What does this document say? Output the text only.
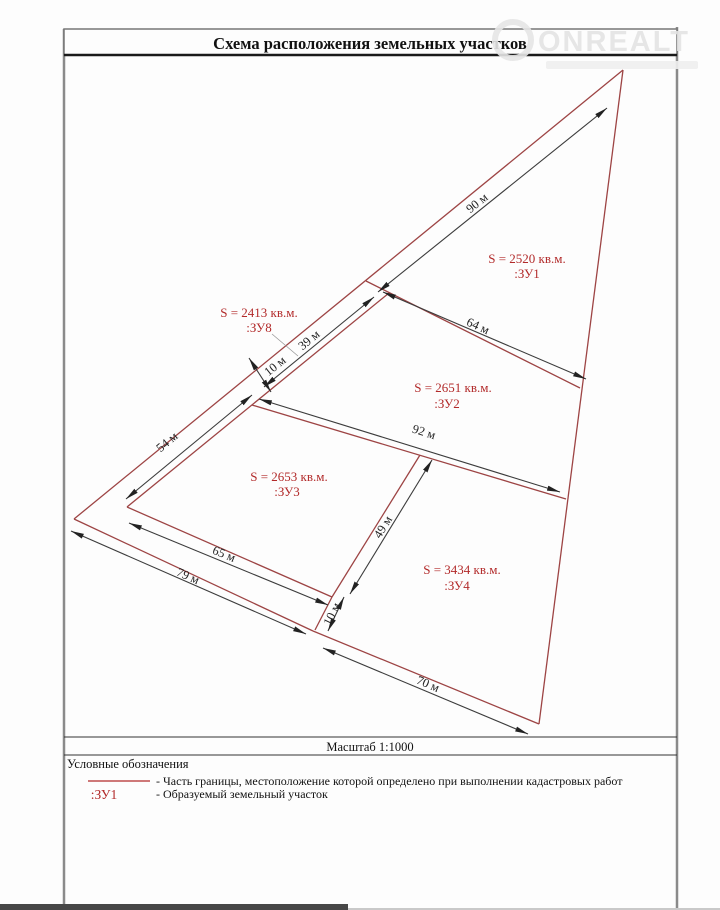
Схема расположения земельных участков ONREALT
90 м
39 м
10 м
54 м
64 м
92 м
49 м
65 м
79 м
10 м
70 м
S = 2520 кв.м.
:ЗУ1
S = 2651 кв.м.
:ЗУ2
S = 2653 кв.м.
:ЗУ3
S = 3434 кв.м.
:ЗУ4
S = 2413 кв.м.
:ЗУ8
Масштаб 1:1000
Условные обозначения
- Часть границы, местоположение которой определено при выполнении кадастровых работ
:ЗУ1	- Образуемый земельный участок
